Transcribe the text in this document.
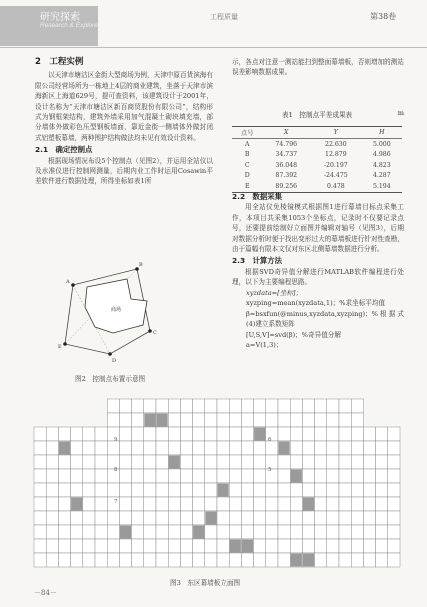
研究探索
Research & Explore
工程质量	第38卷

2　工程实例

以天津市塘沽区金街大型商场为例，天津中原百货滨海有限公司经营场所为一栋地上4层的商业建筑，坐落于天津市滨海新区上海道629号，提可查资料，该建筑设计于2001年，设计名称为“天津市塘沽区新百商贸股份有限公司”，结构形式为钢框架结构，建筑外墙采用加气混凝土砌块填充墙，部分墙体外做彩色压型钢板墙面，靠近金街一侧墙体外做封闭式铝塑板幕墙，两种围护结构做法均未见有效设计资料。

2.1　确定控制点

根据现场情况布设5个控制点（见图2），并运用全站仪以及水准仪进行控制网测量，后期内业工作时运用Cosawin平差软件进行数据处理，所得坐标如表1所

商场
A
B
C
D
E
图2　控制点布置示意图

示，各点对注意一测站能扫到整面幕墙板，否则增加的测站误差影响数据成果。

表1　控制点平差成果表	m
点号	X	Y	H
A	74.796	22.630	5.000
B	34.737	12.879	4.986
C	36.048	-20.197	4.823
D	87.392	-24.475	4.287
E	89.256	0.478	5.194

2.2　数据采集

用全站仪免棱镜模式根据图1进行幕墙目标点采集工作，本项目共采集1053个坐标点，记录时不仅要记录点号，还要提前绘制好立面图并编辑对轴号（见图3），后期对数据分析时便于找出变形过大的幕墙板进行针对性查勘，由于篇幅有限本文仅对东区北侧幕墙数据进行分析。

2.3　计算方法

根据SVD奇异值分解进行MATLAB软件编程进行处理，以下为主要编程思路。

xyzdata=[坐标]；

xyzping=mean(xyzdata,1)；%求坐标平均值

β=bsxfun(@minus,xyzdata,xyzping)；%根据式(4)建立系数矩阵

[U,S,V]=svd(β)；%奇异值分解

a=V(1,3)；

9
8
7
6
5
图3　东区幕墙板立面图
－84－
